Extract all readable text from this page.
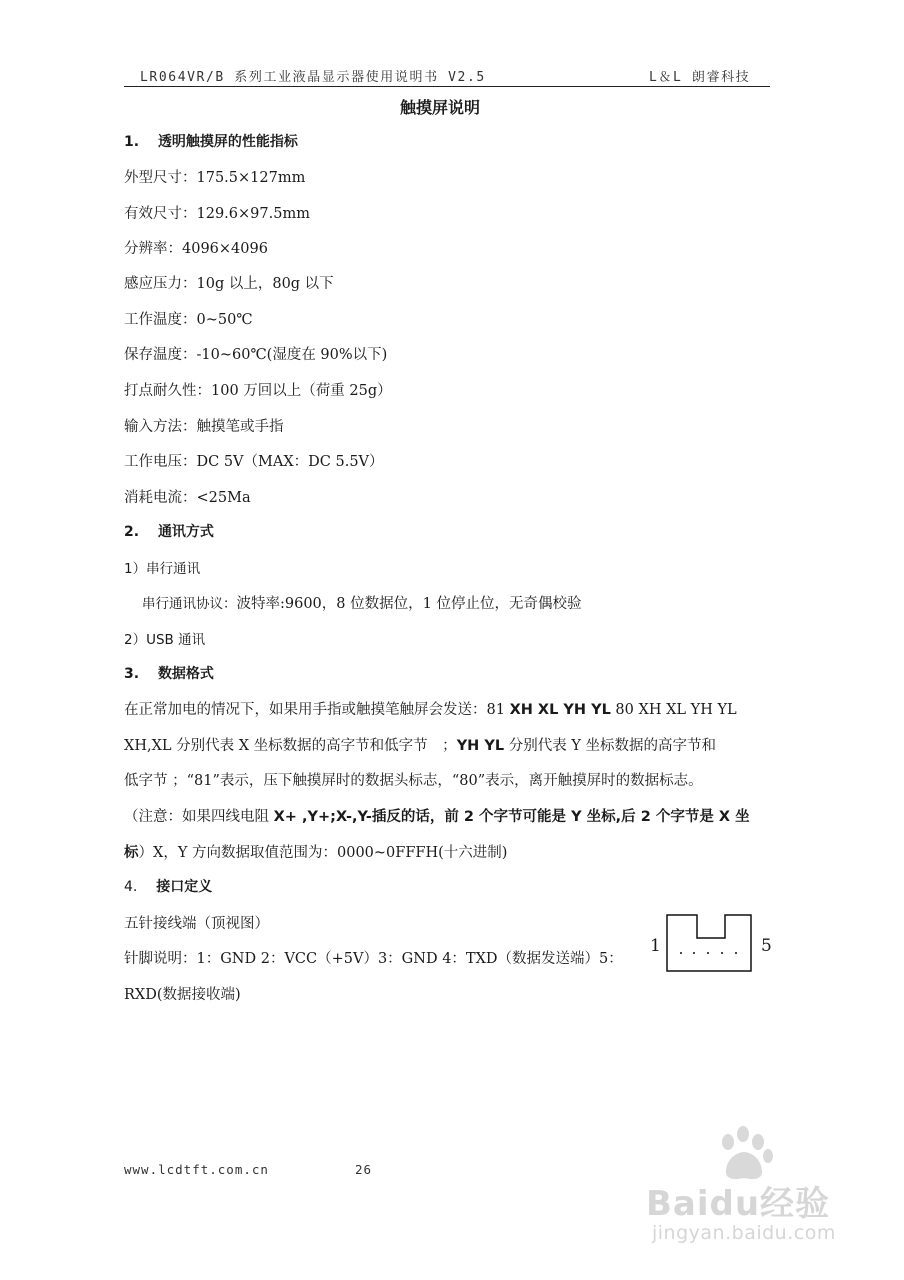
LR064VR/B 系列工业液晶显示器使用说明书 V2.5	L＆L 朗睿科技
触摸屏说明
1. 透明触摸屏的性能指标
外型尺寸：175.5×127mm
有效尺寸：129.6×97.5mm
分辨率：4096×4096
感应压力：10g 以上，80g 以下
工作温度：0~50℃
保存温度：-10~60℃(湿度在 90%以下)
打点耐久性：100 万回以上（荷重 25g）
输入方法：触摸笔或手指
工作电压：DC 5V（MAX：DC 5.5V）
消耗电流：<25Ma
2. 通讯方式
1）串行通讯
串行通讯协议：波特率:9600，8 位数据位，1 位停止位，无奇偶校验
2）USB 通讯
3. 数据格式
在正常加电的情况下，如果用手指或触摸笔触屏会发送：81 XH XL YH YL 80 XH XL YH YL
XH,XL 分别代表 X 坐标数据的高字节和低字节　；YH YL 分别代表 Y 坐标数据的高字节和
低字节 ；“81”表示，压下触摸屏时的数据头标志，“80”表示，离开触摸屏时的数据标志。
（注意：如果四线电阻 X+ ,Y+;X-,Y-插反的话，前 2 个字节可能是 Y 坐标,后 2 个字节是 X 坐
标）X，Y 方向数据取值范围为：0000~0FFFH(十六进制)
4. 接口定义
五针接线端（顶视图）
针脚说明：1：GND 2：VCC（+5V）3：GND 4：TXD（数据发送端）5：
RXD(数据接收端)
1	5
www.lcdtft.com.cn	26
Baidu经验
jingyan.baidu.com
